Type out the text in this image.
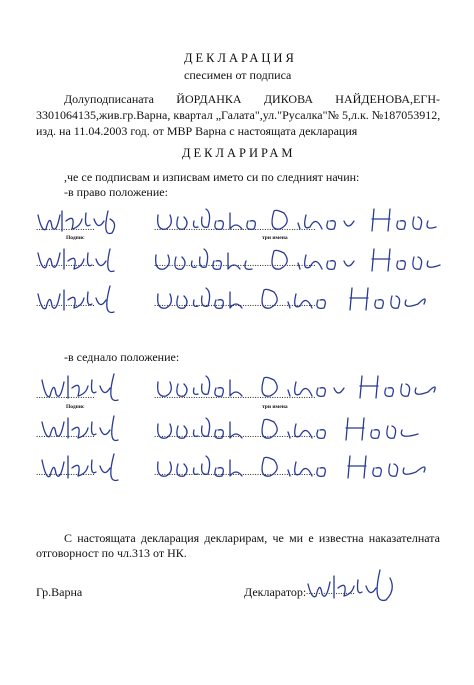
ДЕКЛАРАЦИЯ
спесимен от подписа
Долуподписаната ЙОРДАНКА ДИКОВА НАЙДЕНОВА,ЕГН-
3301064135,жив.гр.Варна, квартал „Галата",ул."Русалка"№ 5,л.к. №187053912,
изд. на 11.04.2003 год. от МВР Варна с настоящата декларация
ДЕКЛАРИРАМ
,че се подписвам и изписвам името си по следният начин:
-в право положение:
........................	..................................................................
Подпис	три имена
........................	..................................................................
........................	..................................................................
-в седнало положение:
........................	..................................................................
Подпис	три имена
........................	..................................................................
........................	..................................................................
С настоящата декларация декларирам, че ми е известна наказателната
отговорност по чл.313 от НК.
Гр.Варна	Декларатор: ....................
